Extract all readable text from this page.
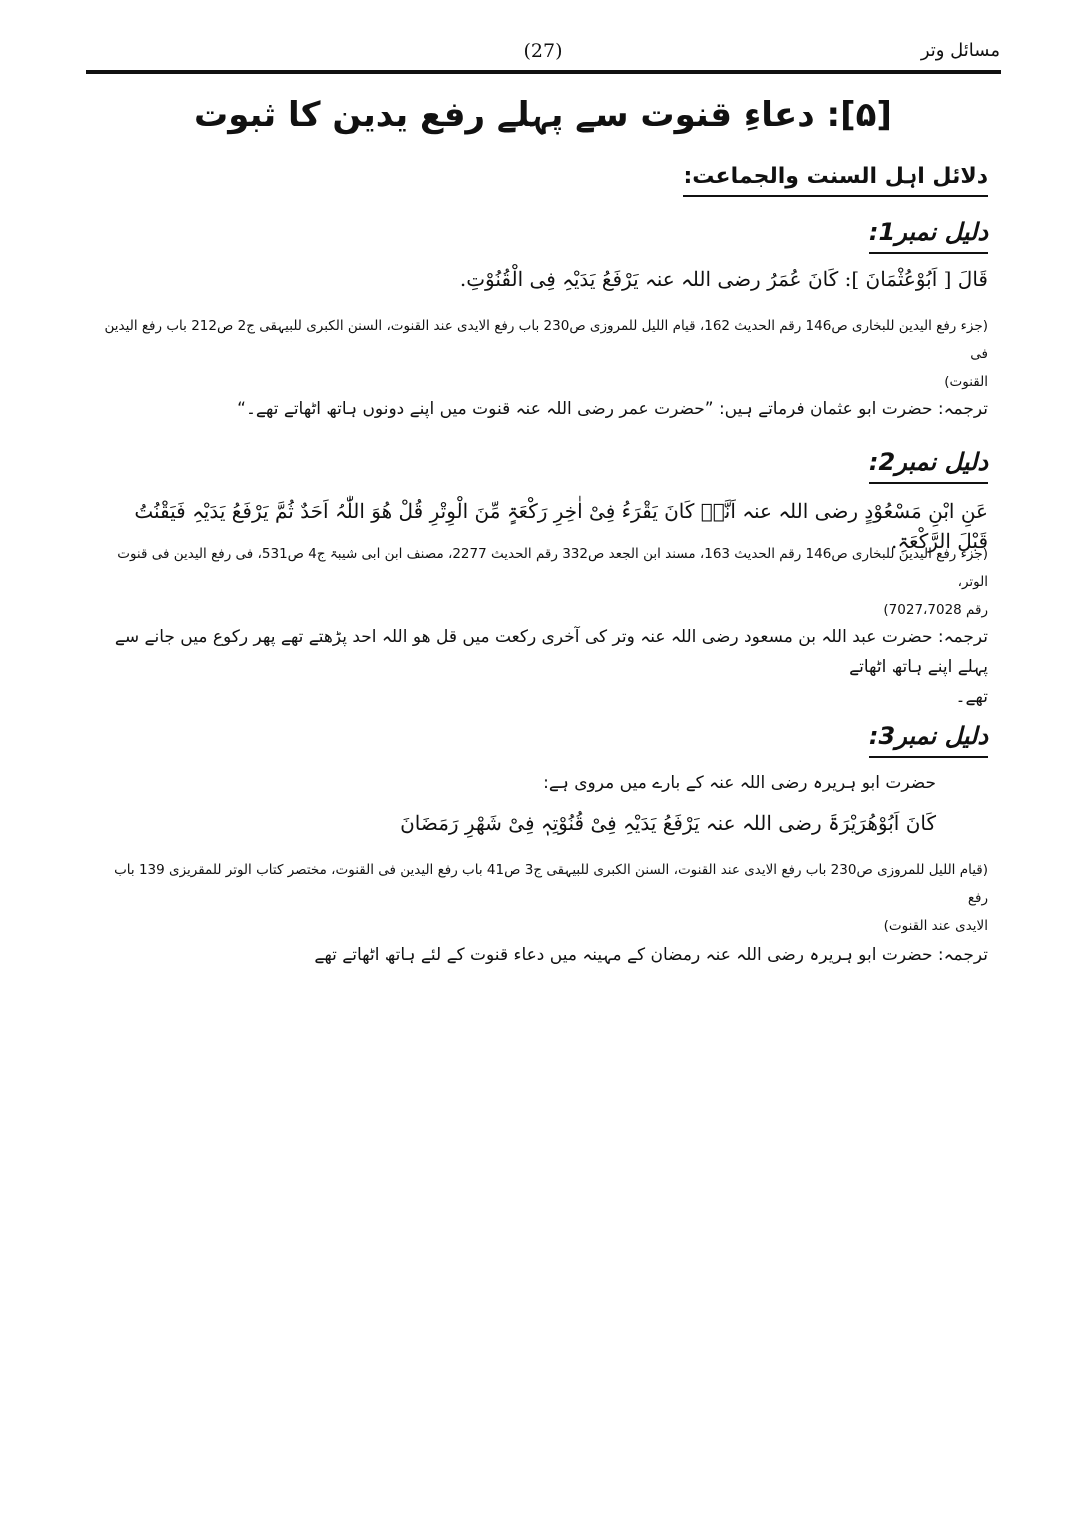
مسائل وتر
(27)
[۵]: دعاءِ قنوت سے پہلے رفع یدین کا ثبوت
دلائل اہل السنت والجماعت:
دلیل نمبر1:
قَالَ [ اَبُوْعُثْمَانَ ]: کَانَ عُمَرُ رضی اللہ عنہ یَرْفَعُ یَدَیْہِ فِی الْقُنُوْتِ.
(جزء رفع الیدین للبخاری ص146 رقم الحدیث 162، قیام اللیل للمروزی ص230 باب رفع الایدی عند القنوت، السنن الکبری للبیہقی ج2 ص212 باب رفع الیدین فی
القنوت)
ترجمہ: حضرت ابو عثمان فرماتے ہیں: ”حضرت عمر رضی اللہ عنہ قنوت میں اپنے دونوں ہاتھ اٹھاتے تھے۔“
دلیل نمبر2:
عَنِ ابْنِ مَسْعُوْدٍ رضی اللہ عنہ اَنَّہٗ کَانَ یَقْرَءُ فِیْ اٰخِرِ رَکْعَۃٍ مِّنَ الْوِتْرِ قُلْ ھُوَ اللّٰہُ اَحَدٌ ثُمَّ یَرْفَعُ یَدَیْہِ فَیَقْنُتُ قَبْلَ الرَّکْعَۃِ.
(جزء رفع الیدین للبخاری ص146 رقم الحدیث 163، مسند ابن الجعد ص332 رقم الحدیث 2277، مصنف ابن ابی شیبۃ ج4 ص531، فی رفع الیدین فی قنوت الوتر،
رقم 7027،7028)
ترجمہ: حضرت عبد اللہ بن مسعود رضی اللہ عنہ وتر کی آخری رکعت میں قل ھو اللہ احد پڑھتے تھے پھر رکوع میں جانے سے پہلے اپنے ہاتھ اٹھاتے
تھے۔
دلیل نمبر3:
حضرت ابو ہریرہ رضی اللہ عنہ کے بارے میں مروی ہے:
کَانَ اَبُوْھُرَیْرَۃَ رضی اللہ عنہ یَرْفَعُ یَدَیْہِ فِیْ قُنُوْتِہٖ فِیْ شَھْرِ رَمَضَانَ
(قیام اللیل للمروزی ص230 باب رفع الایدی عند القنوت، السنن الکبری للبیہقی ج3 ص41 باب رفع الیدین فی القنوت، مختصر کتاب الوتر للمقریزی 139 باب رفع
الایدی عند القنوت)
ترجمہ: حضرت ابو ہریرہ رضی اللہ عنہ رمضان کے مہینہ میں دعاء قنوت کے لئے ہاتھ اٹھاتے تھے
